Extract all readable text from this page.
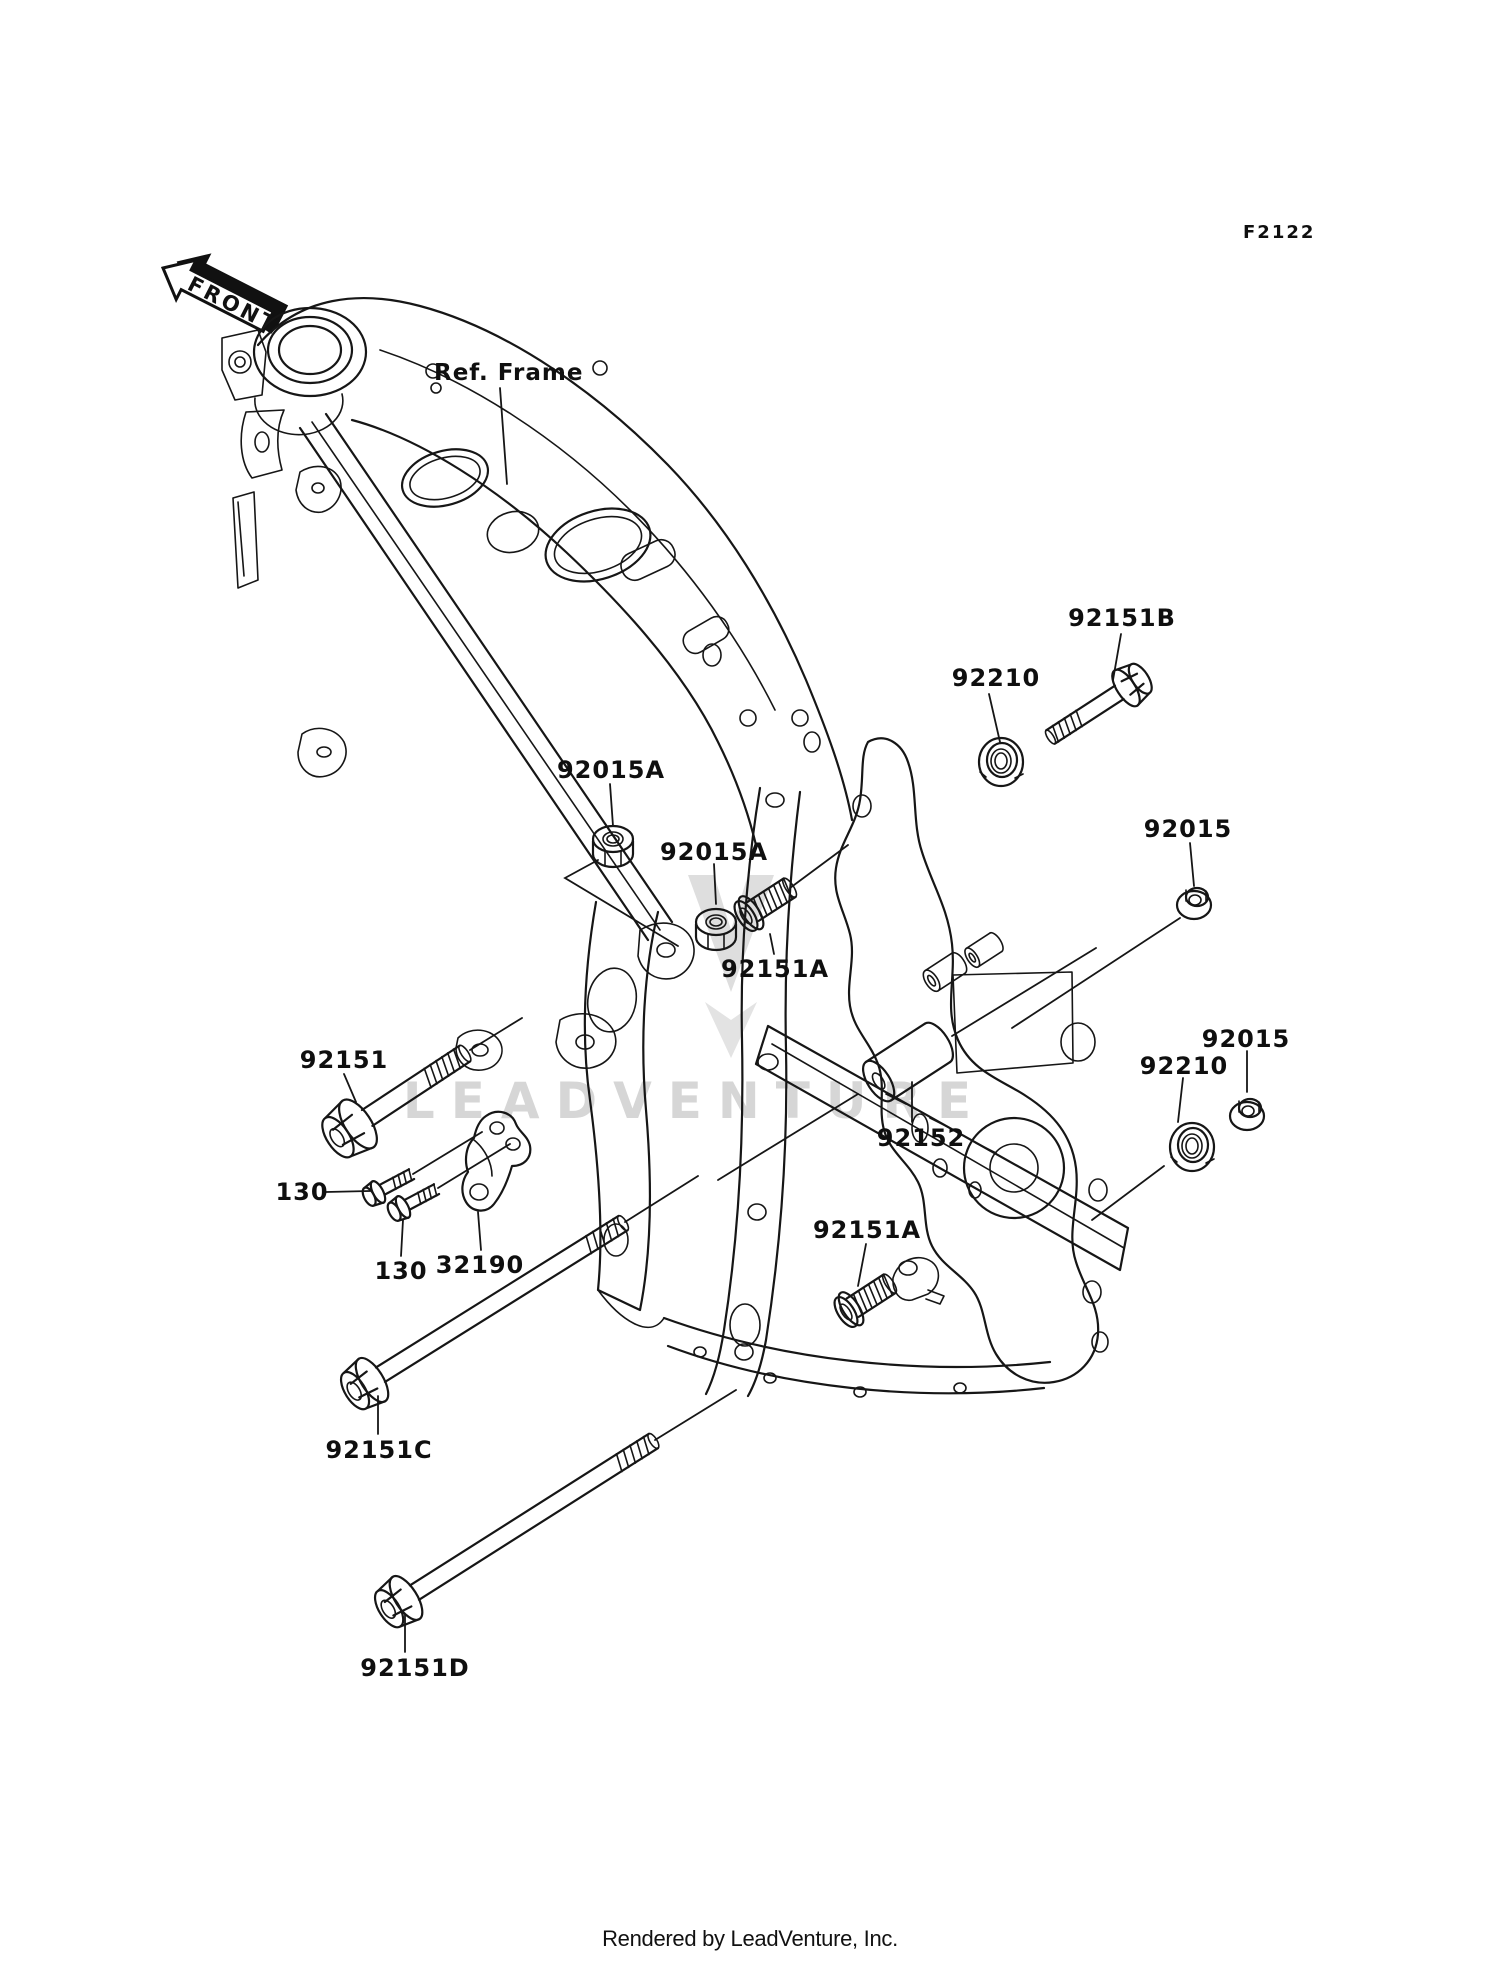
LEADVENTURE
FRONT
F2122
Ref. Frame
92151B
92210
92015A
92015A
92015
92151A
92151
92152
92210
92015
92151A
130
130 32190
92151C
92151D
Rendered by LeadVenture, Inc.
